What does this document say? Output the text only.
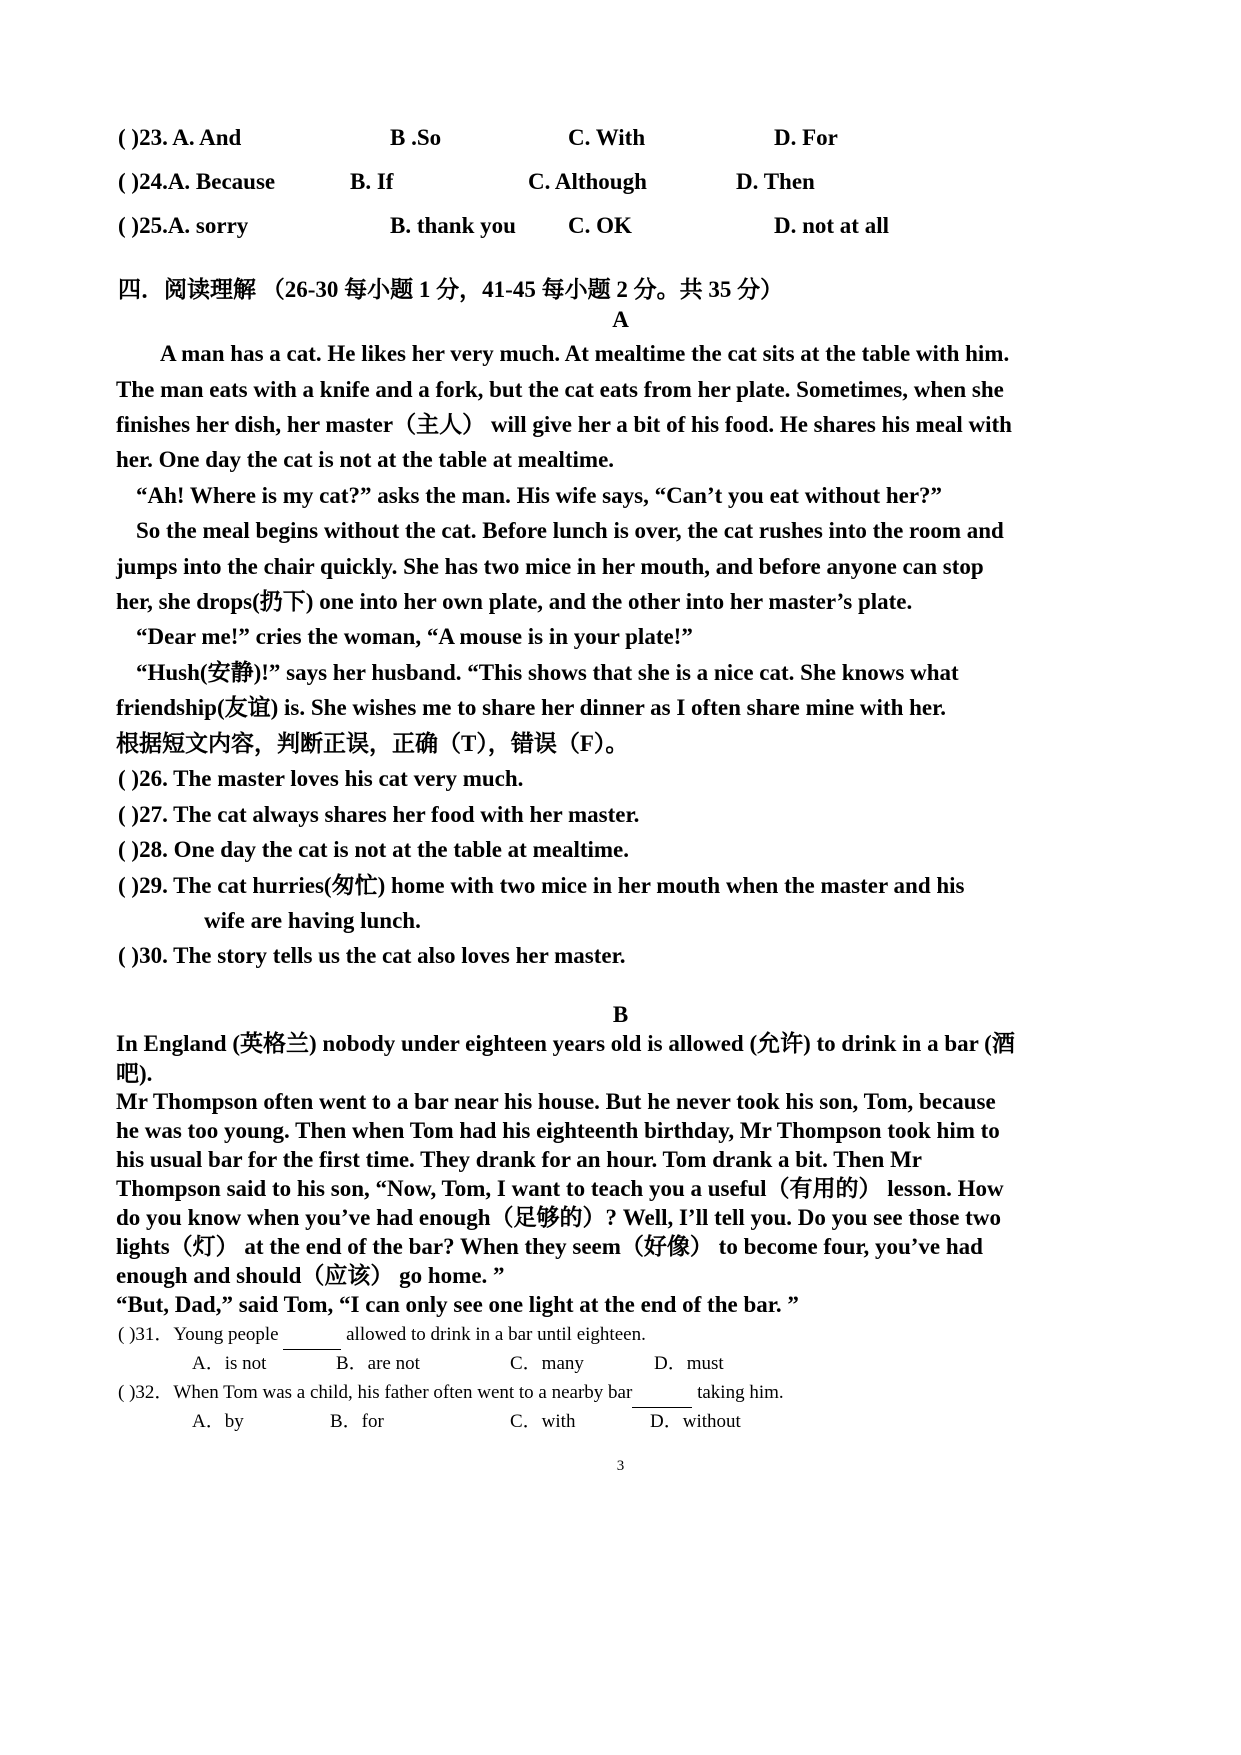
( )23. A. And	B .So	C. With	D. For
( )24.A. Because	B. If	C. Although	D. Then
( )25.A. sorry	B. thank you C. OK	D. not at all
四．阅读理解 （26-30 每小题 1 分，41-45 每小题 2 分。共 35 分）
A
A man has a cat. He likes her very much. At mealtime the cat sits at the table with him.
The man eats with a knife and a fork, but the cat eats from her plate. Sometimes, when she
finishes her dish, her master（主人） will give her a bit of his food. He shares his meal with
her. One day the cat is not at the table at mealtime.
“Ah! Where is my cat?” asks the man. His wife says, “Can’t you eat without her?”
So the meal begins without the cat. Before lunch is over, the cat rushes into the room and
jumps into the chair quickly. She has two mice in her mouth, and before anyone can stop
her, she drops(扔下) one into her own plate, and the other into her master’s plate.
“Dear me!” cries the woman, “A mouse is in your plate!”
“Hush(安静)!” says her husband. “This shows that she is a nice cat. She knows what
friendship(友谊) is. She wishes me to share her dinner as I often share mine with her.
根据短文内容，判断正误，正确（T），错误（F）。
( )26. The master loves his cat very much.
( )27. The cat always shares her food with her master.
( )28. One day the cat is not at the table at mealtime.
( )29. The cat hurries(匆忙) home with two mice in her mouth when the master and his
wife are having lunch.
( )30. The story tells us the cat also loves her master.
B
In England (英格兰) nobody under eighteen years old is allowed (允许) to drink in a bar (酒
吧).
Mr Thompson often went to a bar near his house. But he never took his son, Tom, because
he was too young. Then when Tom had his eighteenth birthday, Mr Thompson took him to
his usual bar for the first time. They drank for an hour. Tom drank a bit. Then Mr
Thompson said to his son, “Now, Tom, I want to teach you a useful（有用的） lesson. How
do you know when you’ve had enough（足够的）? Well, I’ll tell you. Do you see those two
lights（灯） at the end of the bar? When they seem（好像） to become four, you’ve had
enough and should（应该） go home. ”
“But, Dad,” said Tom, “I can only see one light at the end of the bar. ”
( )31．Young people	allowed to drink in a bar until eighteen.
A．is not	B．are not	C．many	D．must
( )32．When Tom was a child, his father often went to a nearby bar	taking him.
A．by	B．for	C．with	D．without
3
